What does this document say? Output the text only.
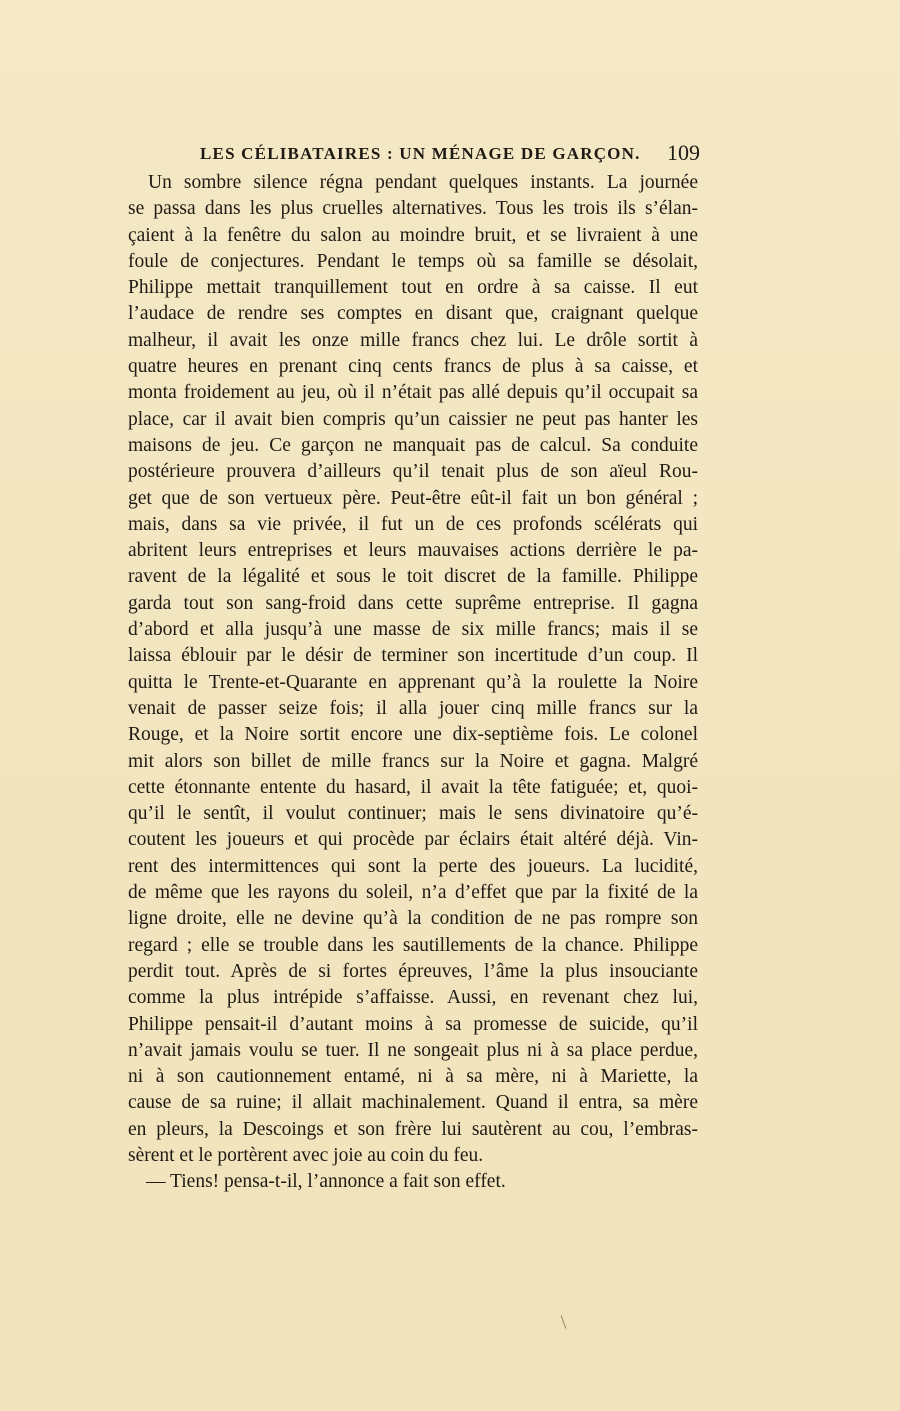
LES CÉLIBATAIRES : UN MÉNAGE DE GARÇON. 109
Un sombre silence régna pendant quelques instants. La journée
se passa dans les plus cruelles alternatives. Tous les trois ils s’élan-
çaient à la fenêtre du salon au moindre bruit, et se livraient à une
foule de conjectures. Pendant le temps où sa famille se désolait,
Philippe mettait tranquillement tout en ordre à sa caisse. Il eut
l’audace de rendre ses comptes en disant que, craignant quelque
malheur, il avait les onze mille francs chez lui. Le drôle sortit à
quatre heures en prenant cinq cents francs de plus à sa caisse, et
monta froidement au jeu, où il n’était pas allé depuis qu’il occupait sa
place, car il avait bien compris qu’un caissier ne peut pas hanter les
maisons de jeu. Ce garçon ne manquait pas de calcul. Sa conduite
postérieure prouvera d’ailleurs qu’il tenait plus de son aïeul Rou-
get que de son vertueux père. Peut-être eût-il fait un bon général ;
mais, dans sa vie privée, il fut un de ces profonds scélérats qui
abritent leurs entreprises et leurs mauvaises actions derrière le pa-
ravent de la légalité et sous le toit discret de la famille. Philippe
garda tout son sang-froid dans cette suprême entreprise. Il gagna
d’abord et alla jusqu’à une masse de six mille francs; mais il se
laissa éblouir par le désir de terminer son incertitude d’un coup. Il
quitta le Trente-et-Quarante en apprenant qu’à la roulette la Noire
venait de passer seize fois; il alla jouer cinq mille francs sur la
Rouge, et la Noire sortit encore une dix-septième fois. Le colonel
mit alors son billet de mille francs sur la Noire et gagna. Malgré
cette étonnante entente du hasard, il avait la tête fatiguée; et, quoi-
qu’il le sentît, il voulut continuer; mais le sens divinatoire qu’é-
coutent les joueurs et qui procède par éclairs était altéré déjà. Vin-
rent des intermittences qui sont la perte des joueurs. La lucidité,
de même que les rayons du soleil, n’a d’effet que par la fixité de la
ligne droite, elle ne devine qu’à la condition de ne pas rompre son
regard ; elle se trouble dans les sautillements de la chance. Philippe
perdit tout. Après de si fortes épreuves, l’âme la plus insouciante
comme la plus intrépide s’affaisse. Aussi, en revenant chez lui,
Philippe pensait-il d’autant moins à sa promesse de suicide, qu’il
n’avait jamais voulu se tuer. Il ne songeait plus ni à sa place perdue,
ni à son cautionnement entamé, ni à sa mère, ni à Mariette, la
cause de sa ruine; il allait machinalement. Quand il entra, sa mère
en pleurs, la Descoings et son frère lui sautèrent au cou, l’embras-
sèrent et le portèrent avec joie au coin du feu.
— Tiens! pensa-t-il, l’annonce a fait son effet.
